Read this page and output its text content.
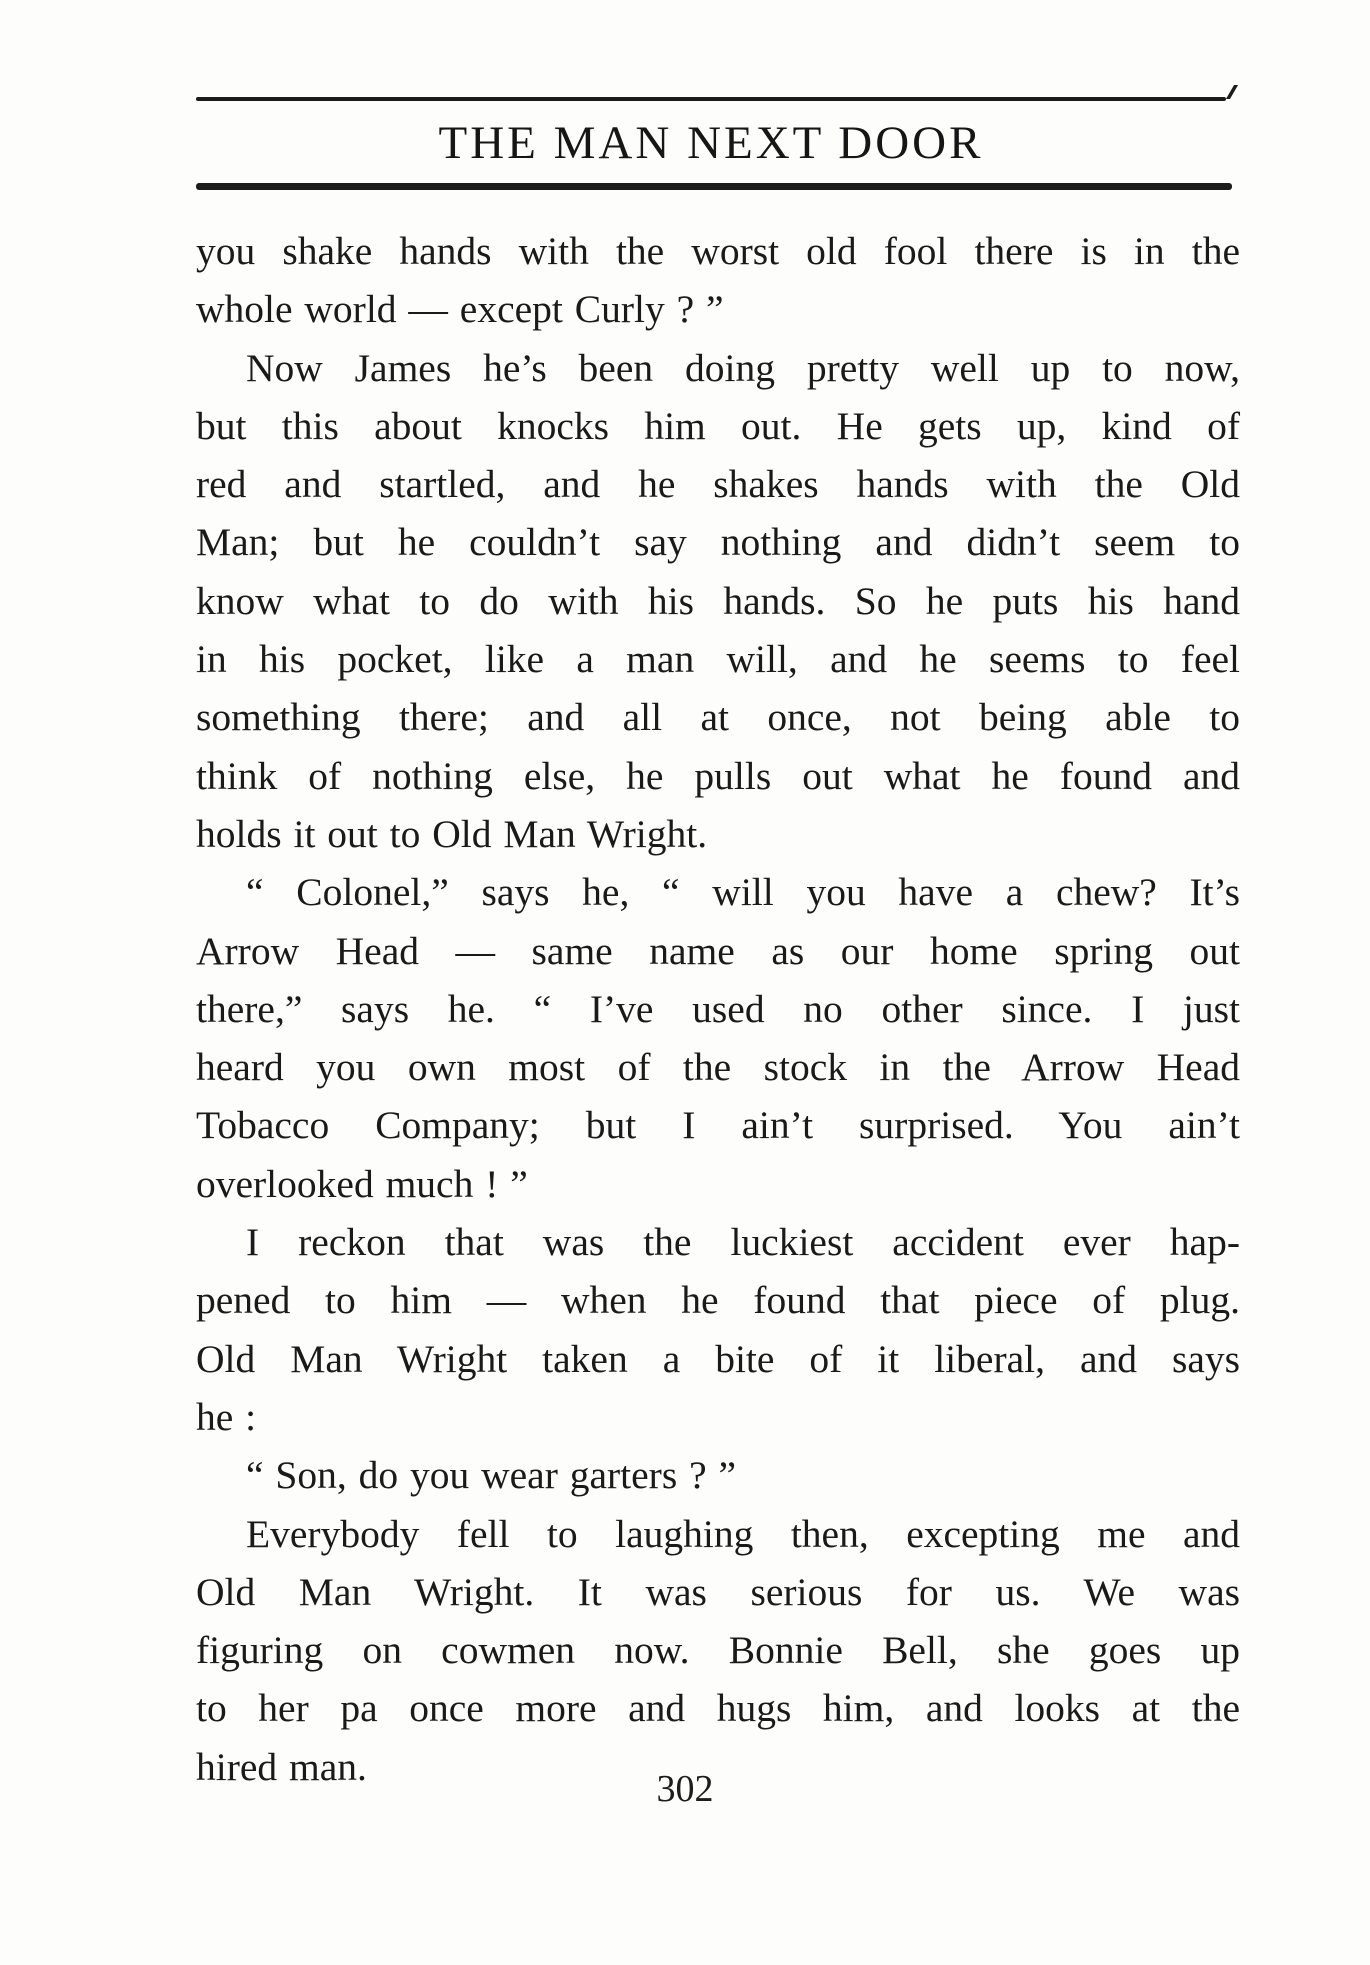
THE MAN NEXT DOOR
you shake hands with the worst old fool there is in the
whole world — except Curly ? ”
Now James he’s been doing pretty well up to now,
but this about knocks him out. He gets up, kind of
red and startled, and he shakes hands with the Old
Man; but he couldn’t say nothing and didn’t seem to
know what to do with his hands. So he puts his hand
in his pocket, like a man will, and he seems to feel
something there; and all at once, not being able to
think of nothing else, he pulls out what he found and
holds it out to Old Man Wright.
“ Colonel,” says he, “ will you have a chew? It’s
Arrow Head — same name as our home spring out
there,” says he. “ I’ve used no other since. I just
heard you own most of the stock in the Arrow Head
Tobacco Company; but I ain’t surprised. You ain’t
overlooked much ! ”
I reckon that was the luckiest accident ever hap-
pened to him — when he found that piece of plug.
Old Man Wright taken a bite of it liberal, and says
he :
“ Son, do you wear garters ? ”
Everybody fell to laughing then, excepting me and
Old Man Wright. It was serious for us. We was
figuring on cowmen now. Bonnie Bell, she goes up
to her pa once more and hugs him, and looks at the
hired man.
302
